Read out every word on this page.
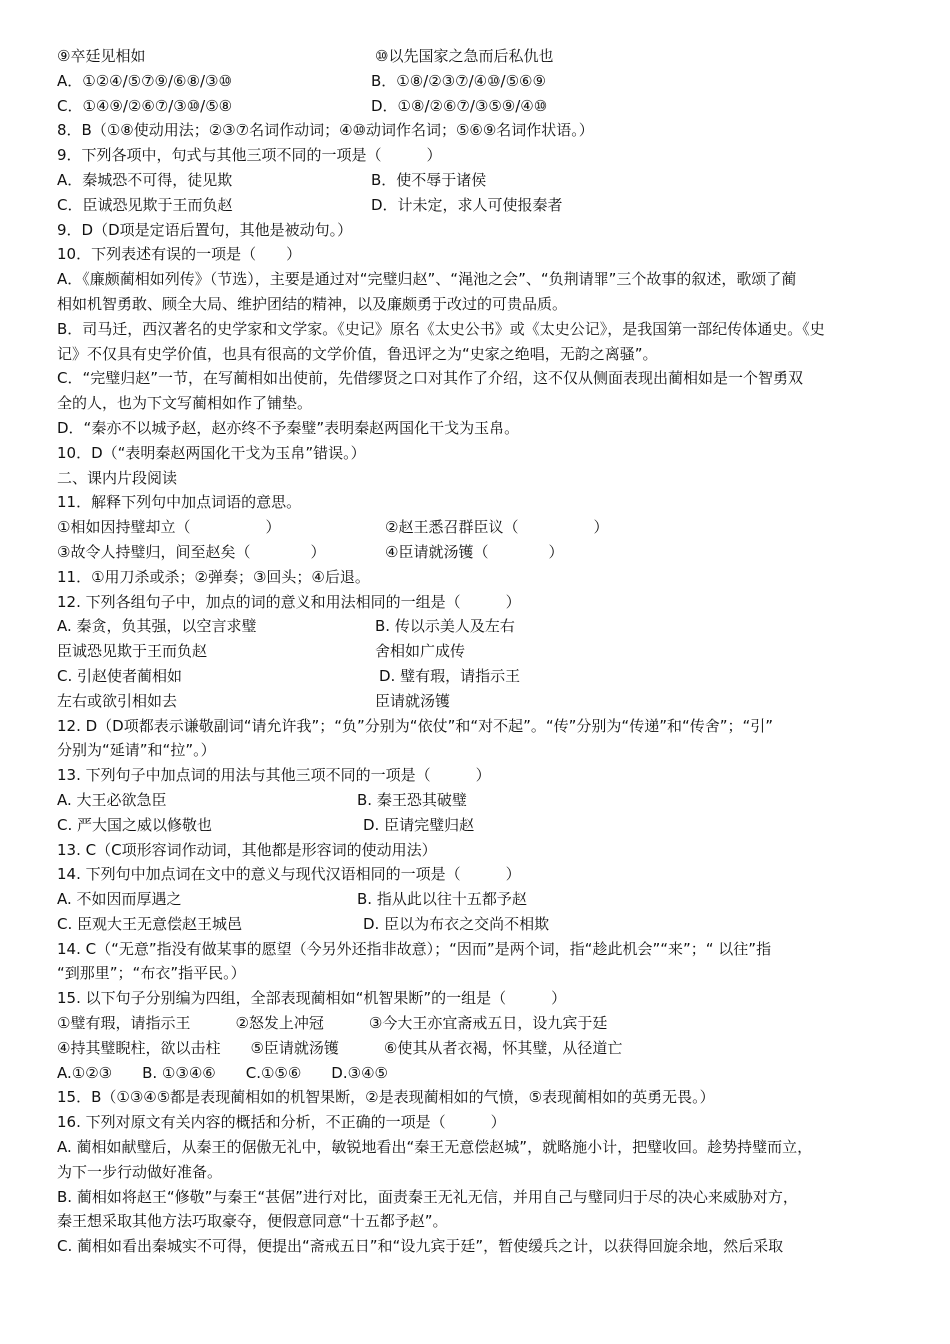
⑨卒廷见相如	⑩以先国家之急而后私仇也
A．①②④/⑤⑦⑨/⑥⑧/③⑩	B．①⑧/②③⑦/④⑩/⑤⑥⑨
C．①④⑨/②⑥⑦/③⑩/⑤⑧	D．①⑧/②⑥⑦/③⑤⑨/④⑩
8．B（①⑧使动用法；②③⑦名词作动词；④⑩动词作名词；⑤⑥⑨名词作状语。）
9．下列各项中，句式与其他三项不同的一项是（　　　）
A．秦城恐不可得，徒见欺	B．使不辱于诸侯
C．臣诚恐见欺于王而负赵	D．计未定，求人可使报秦者
9．D（D项是定语后置句，其他是被动句。）
10．下列表述有误的一项是（　　）
A．《廉颇蔺相如列传》（节选），主要是通过对“完璧归赵”、“渑池之会”、“负荆请罪”三个故事的叙述，歌颂了蔺
相如机智勇敢、顾全大局、维护团结的精神，以及廉颇勇于改过的可贵品质。
B．司马迁，西汉著名的史学家和文学家。《史记》原名《太史公书》或《太史公记》，是我国第一部纪传体通史。《史
记》不仅具有史学价值，也具有很高的文学价值，鲁迅评之为“史家之绝唱，无韵之离骚”。
C．“完璧归赵”一节，在写蔺相如出使前，先借缪贤之口对其作了介绍，这不仅从侧面表现出蔺相如是一个智勇双
全的人，也为下文写蔺相如作了铺垫。
D．“秦亦不以城予赵，赵亦终不予秦璧”表明秦赵两国化干戈为玉帛。
10．D（“表明秦赵两国化干戈为玉帛”错误。）
二、课内片段阅读
11．解释下列句中加点词语的意思。
①相如因持璧却立（　　　　　）	②赵王悉召群臣议（　　　　　）
③故令人持璧归，间至赵矣（　　　　）	④臣请就汤镬（　　　　）
11．①用刀杀或杀；②弹奏；③回头；④后退。
12. 下列各组句子中，加点的词的意义和用法相同的一组是（　　　）
A. 秦贪，负其强，以空言求璧	B. 传以示美人及左右
臣诚恐见欺于王而负赵	舍相如广成传
C. 引赵使者蔺相如	D. 璧有瑕，请指示王
左右或欲引相如去	臣请就汤镬
12. D（D项都表示谦敬副词“请允许我”；“负”分别为“依仗”和“对不起”。“传”分别为“传递”和“传舍”；“引”
分别为“延请”和“拉”。）
13. 下列句子中加点词的用法与其他三项不同的一项是（　　　）
A. 大王必欲急臣	B. 秦王恐其破璧
C. 严大国之威以修敬也	D. 臣请完璧归赵
13. C（C项形容词作动词，其他都是形容词的使动用法）
14. 下列句中加点词在文中的意义与现代汉语相同的一项是（　　　）
A. 不如因而厚遇之	B. 指从此以往十五都予赵
C. 臣观大王无意偿赵王城邑	D. 臣以为布衣之交尚不相欺
14. C（“无意”指没有做某事的愿望（今另外还指非故意）；“因而”是两个词，指“趁此机会”“来”；“ 以往”指
“到那里”；“布衣”指平民。）
15. 以下句子分别编为四组，全部表现蔺相如“机智果断”的一组是（　　　）
①璧有瑕，请指示王　　　②怒发上冲冠　　　③今大王亦宜斋戒五日，设九宾于廷
④持其璧睨柱，欲以击柱　　⑤臣请就汤镬　　　⑥使其从者衣褐，怀其璧，从径道亡
A.①②③　　B. ①③④⑥　　C.①⑤⑥　　D.③④⑤
15．B（①③④⑤都是表现蔺相如的机智果断，②是表现蔺相如的气愤，⑤表现蔺相如的英勇无畏。）
16. 下列对原文有关内容的概括和分析，不正确的一项是（　　　）
A. 蔺相如献璧后，从秦王的倨傲无礼中，敏锐地看出“秦王无意偿赵城”，就略施小计，把璧收回。趁势持璧而立，
为下一步行动做好准备。
B. 蔺相如将赵王“修敬”与秦王“甚倨”进行对比，面责秦王无礼无信，并用自己与璧同归于尽的决心来威胁对方，
秦王想采取其他方法巧取豪夺，便假意同意“十五都予赵”。
C. 蔺相如看出秦城实不可得，便提出“斋戒五日”和“设九宾于廷”，暂使缓兵之计，以获得回旋余地，然后采取
